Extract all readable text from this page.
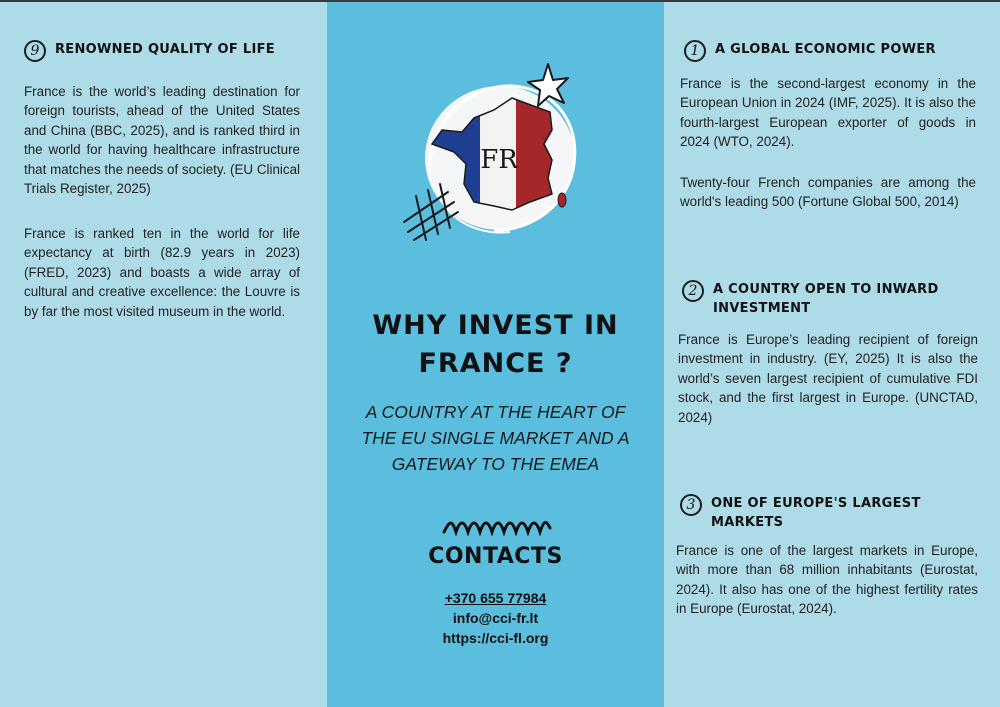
9	RENOWNED QUALITY OF LIFE
France is the world’s leading destination for foreign tourists, ahead of the United States and China (BBC, 2025), and is ranked third in the world for having healthcare infrastructure that matches the needs of society. (EU Clinical Trials Register, 2025)
France is ranked ten in the world for life expectancy at birth (82.9 years in 2023) (FRED, 2023) and boasts a wide array of cultural and creative excellence: the Louvre is by far the most visited museum in the world.
FR
WHY INVEST IN
FRANCE ?
A COUNTRY AT THE HEART OF THE EU SINGLE MARKET AND A GATEWAY TO THE EMEA
CONTACTS
+370 655 77984
info@cci-fr.lt
https://cci-fl.org
1	A GLOBAL ECONOMIC POWER
France is the second-largest economy in the European Union in 2024 (IMF, 2025). It is also the fourth-largest European exporter of goods in 2024 (WTO, 2024).
Twenty-four French companies are among the world's leading 500 (Fortune Global 500, 2014)
2	A COUNTRY OPEN TO INWARD INVESTMENT
France is Europe’s leading recipient of foreign investment in industry. (EY, 2025) It is also the world’s seven largest recipient of cumulative FDI stock, and the first largest in Europe. (UNCTAD, 2024)
3	ONE OF EUROPE'S LARGEST MARKETS
France is one of the largest markets in Europe, with more than 68 million inhabitants (Eurostat, 2024). It also has one of the highest fertility rates in Europe (Eurostat, 2024).
